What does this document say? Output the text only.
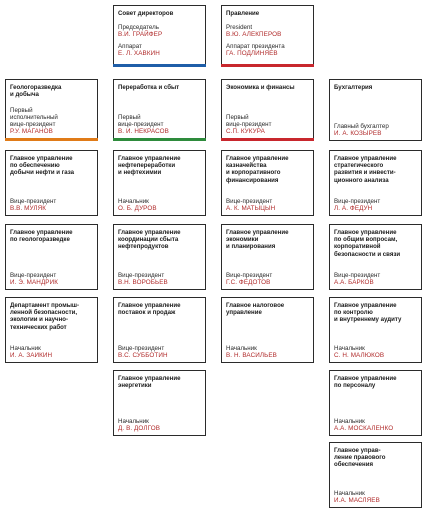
Совет директоров
Председатель
В.И. ГРАЙФЕР
Аппарат
Е. Л. ХАВКИН
Правление
President
В.Ю. АЛЕКПЕРОВ
Аппарат президента
ГА. ПОДЛИНЯЕВ
Геологоразведка
и добыча
Первый
исполнительный
вице-президент
Р.У. МАГАНОВ
Переработка и сбыт
Первый
вице-президент
В. И. НЕКРАСОВ
Экономика и финансы
Первый
вице-президент
С.П. КУКУРА
Бухгалтерия
Главный бухгалтер
И. А. КОЗЫРЕВ
Главное управление
по обеспечению
добычи нефти и газа
Вице-президент
В.В. МУЛЯК
Главное управление
нефтепереработки
и нефтехимии
Начальник
О. Б. ДУРОВ
Главное управление
казначейства
и корпоративного
финансирования
Вице-президент
А. К. МАТЫЦЫН
Главное управление
стратегического
развития и инвести-
ционного анализа
Вице-президент
Л. А. ФЕДУН
Главное управление
по геологоразведке
Вице-президент
И. Э. МАНДРИК
Главное управление
координации сбыта
нефтепродуктов
Вице-президент
В.Н. ВОРОБЬЕВ
Главное управление
экономики
и планирования
Вице-президент
Г.С. ФЕДОТОВ
Главное управление
по общим вопросам,
корпоративной
безопасности и связи
Вице-президент
А.А. БАРКОВ
Департамент промыш-
ленной безопасности,
экологии и научно-
технических работ
Начальник
И. А. ЗАИКИН
Главное управление
поставок и продаж
Вице-президент
В.С. СУББОТИН
Главное налоговое
управление
Начальник
В. Н. ВАСИЛЬЕВ
Главное управление
по контролю
и внутреннему аудиту
Начальник
С. Н. МАЛЮКОВ
Главное управление
энергетики
Начальник
Д. В. ДОЛГОВ
Главное управление
по персоналу
Начальник
А.А. МОСКАЛЕНКО
Главное управ-
ление правового
обеспечения
Начальник
И.А. МАСЛЯЕВ
